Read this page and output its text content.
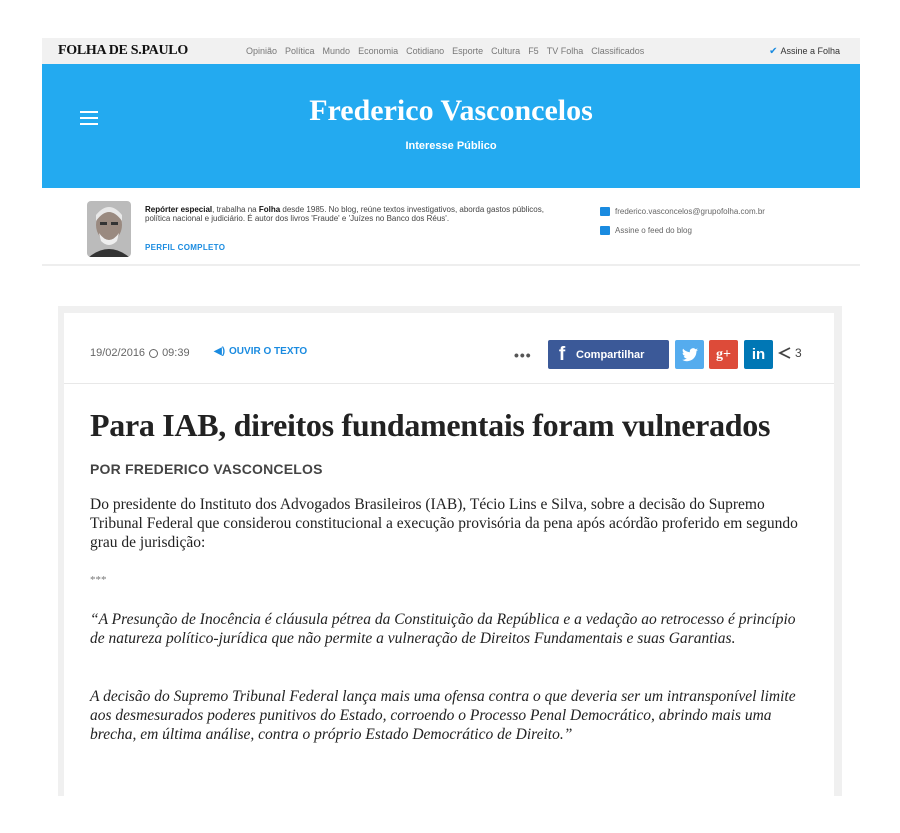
FOLHA DE S.PAULO	Opinião Política Mundo Economia Cotidiano Esporte Cultura F5 TV Folha Classificados	✔ Assine a Folha
Frederico Vasconcelos
Interesse Público
Repórter especial, trabalha na Folha desde 1985. No blog, reúne textos investigativos, aborda gastos públicos, política nacional e judiciário. É autor dos livros 'Fraude' e 'Juízes no Banco dos Réus'.
PERFIL COMPLETO
frederico.vasconcelos@grupofolha.com.br
Assine o feed do blog
19/02/2016 09:39 ◀︎) OUVIR O TEXTO	•••	f Compartilhar	g+ in 3
Para IAB, direitos fundamentais foram vulnerados
POR FREDERICO VASCONCELOS

Do presidente do Instituto dos Advogados Brasileiros (IAB), Técio Lins e Silva, sobre a decisão do Supremo Tribunal Federal que considerou constitucional a execução provisória da pena após acórdão proferido em segundo grau de jurisdição:

***

“A Presunção de Inocência é cláusula pétrea da Constituição da República e a vedação ao retrocesso é princípio de natureza político-jurídica que não permite a vulneração de Direitos Fundamentais e suas Garantias.

A decisão do Supremo Tribunal Federal lança mais uma ofensa contra o que deveria ser um intransponível limite aos desmesurados poderes punitivos do Estado, corroendo o Processo Penal Democrático, abrindo mais uma brecha, em última análise, contra o próprio Estado Democrático de Direito.”
